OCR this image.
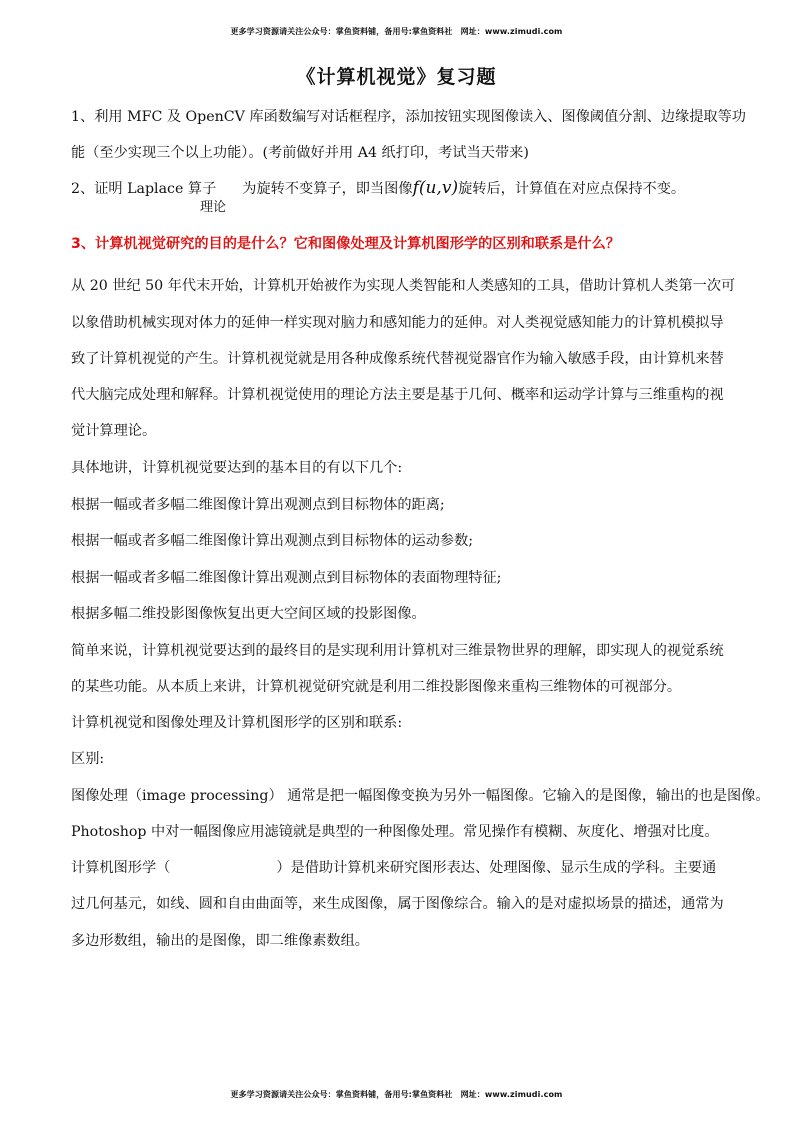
更多学习资源请关注公众号：掌鱼资料铺，备用号:掌鱼资料社　网址：www.zimudi.com
《计算机视觉》复习题
1、利用 MFC 及 OpenCV 库函数编写对话框程序，添加按钮实现图像读入、图像阈值分割、边缘提取等功
能（至少实现三个以上功能）。(考前做好并用 A4 纸打印，考试当天带来)
2、证明 Laplace 算子 为旋转不变算子，即当图像f(u,v)旋转后，计算值在对应点保持不变。
理论
3、计算机视觉研究的目的是什么？它和图像处理及计算机图形学的区别和联系是什么？
从 20 世纪 50 年代末开始，计算机开始被作为实现人类智能和人类感知的工具，借助计算机人类第一次可
以象借助机械实现对体力的延伸一样实现对脑力和感知能力的延伸。对人类视觉感知能力的计算机模拟导
致了计算机视觉的产生。计算机视觉就是用各种成像系统代替视觉器官作为输入敏感手段，由计算机来替
代大脑完成处理和解释。计算机视觉使用的理论方法主要是基于几何、概率和运动学计算与三维重构的视
觉计算理论。
具体地讲，计算机视觉要达到的基本目的有以下几个:
根据一幅或者多幅二维图像计算出观测点到目标物体的距离;
根据一幅或者多幅二维图像计算出观测点到目标物体的运动参数;
根据一幅或者多幅二维图像计算出观测点到目标物体的表面物理特征;
根据多幅二维投影图像恢复出更大空间区域的投影图像。
简单来说，计算机视觉要达到的最终目的是实现利用计算机对三维景物世界的理解，即实现人的视觉系统
的某些功能。从本质上来讲，计算机视觉研究就是利用二维投影图像来重构三维物体的可视部分。
计算机视觉和图像处理及计算机图形学的区别和联系:
区别:
图像处理（image processing） 通常是把一幅图像变换为另外一幅图像。它输入的是图像，输出的也是图像。
Photoshop 中对一幅图像应用滤镜就是典型的一种图像处理。常见操作有模糊、灰度化、增强对比度。
计算机图形学（	）是借助计算机来研究图形表达、处理图像、显示生成的学科。主要通
过几何基元，如线、圆和自由曲面等，来生成图像，属于图像综合。输入的是对虚拟场景的描述，通常为
多边形数组，输出的是图像，即二维像素数组。
更多学习资源请关注公众号：掌鱼资料铺，备用号:掌鱼资料社　网址：www.zimudi.com
